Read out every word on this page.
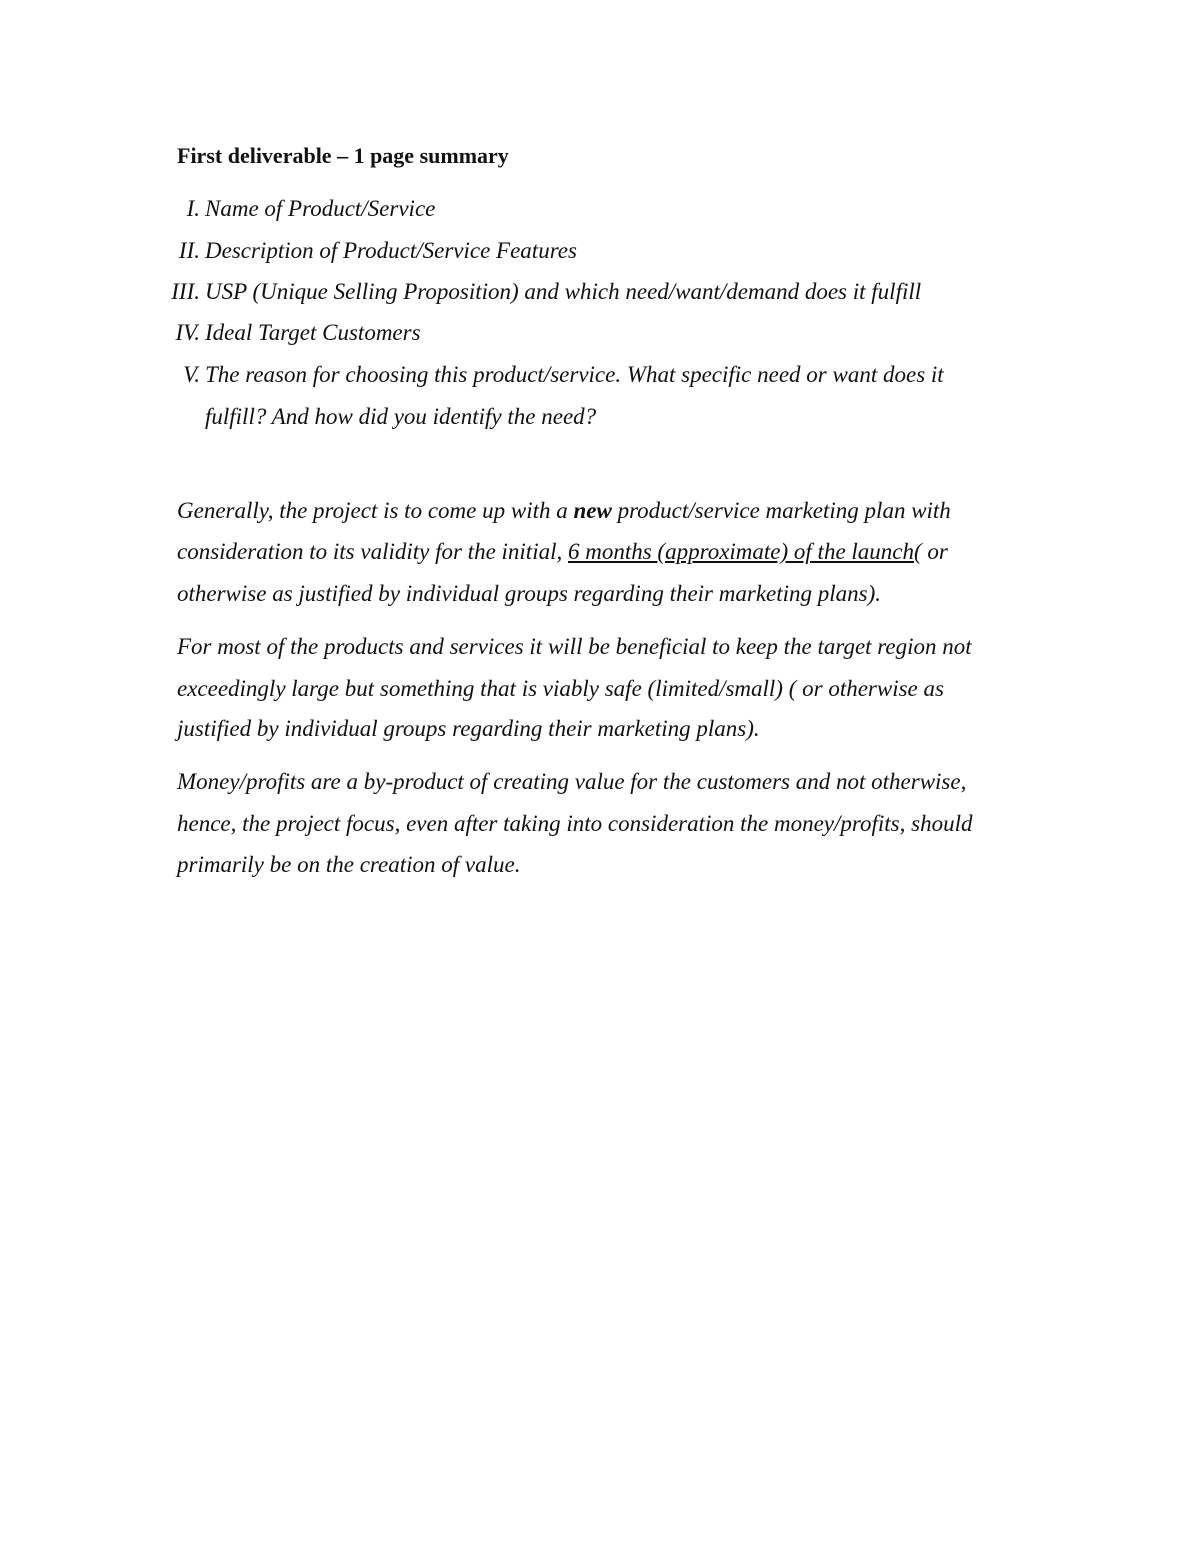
First deliverable – 1 page summary
I. Name of Product/Service
II. Description of Product/Service Features
III. USP (Unique Selling Proposition) and which need/want/demand does it fulfill
IV. Ideal Target Customers
V. The reason for choosing this product/service. What specific need or want does it
fulfill? And how did you identify the need?
Generally, the project is to come up with a new product/service marketing plan with
consideration to its validity for the initial, 6 months (approximate) of the launch( or
otherwise as justified by individual groups regarding their marketing plans).
For most of the products and services it will be beneficial to keep the target region not
exceedingly large but something that is viably safe (limited/small) ( or otherwise as
justified by individual groups regarding their marketing plans).
Money/profits are a by-product of creating value for the customers and not otherwise,
hence, the project focus, even after taking into consideration the money/profits, should
primarily be on the creation of value.
